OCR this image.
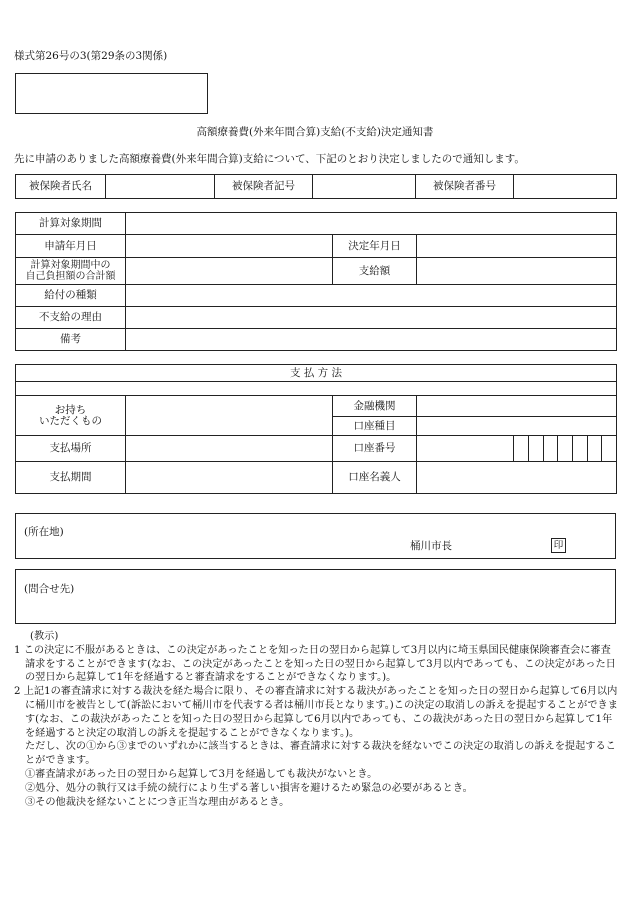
様式第26号の3(第29条の3関係)
高額療養費(外来年間合算)支給(不支給)決定通知書
先に申請のありました高額療養費(外来年間合算)支給について、下記のとおり決定しましたので通知します。
被保険者氏名		被保険者記号		被保険者番号	
計算対象期間			
申請年月日		決定年月日	

計算対象期間中の
自己負担額の合計額		支給額	
給付の種類			
不支給の理由			
備考			
支 払 方 法			

お持ち
いただくもの		金融機関	
		口座種目	
支払場所		口座番号	

支払期間		口座名義人	
(所在地)
桶川市長	印
(問合せ先)

(教示)

1 この決定に不服があるときは、この決定があったことを知った日の翌日から起算して3月以内に埼玉県国民健康保険審査会に審査請求をすることができます(なお、この決定があったことを知った日の翌日から起算して3月以内であっても、この決定があった日の翌日から起算して1年を経過すると審査請求をすることができなくなります。)。

2 上記1の審査請求に対する裁決を経た場合に限り、その審査請求に対する裁決があったことを知った日の翌日から起算して6月以内に桶川市を被告として(訴訟において桶川市を代表する者は桶川市長となります。)この決定の取消しの訴えを提起することができます(なお、この裁決があったことを知った日の翌日から起算して6月以内であっても、この裁決があった日の翌日から起算して1年を経過すると決定の取消しの訴えを提起することができなくなります。)。

ただし、次の①から③までのいずれかに該当するときは、審査請求に対する裁決を経ないでこの決定の取消しの訴えを提起することができます。

①審査請求があった日の翌日から起算して3月を経過しても裁決がないとき。

②処分、処分の執行又は手続の続行により生ずる著しい損害を避けるため緊急の必要があるとき。

③その他裁決を経ないことにつき正当な理由があるとき。
